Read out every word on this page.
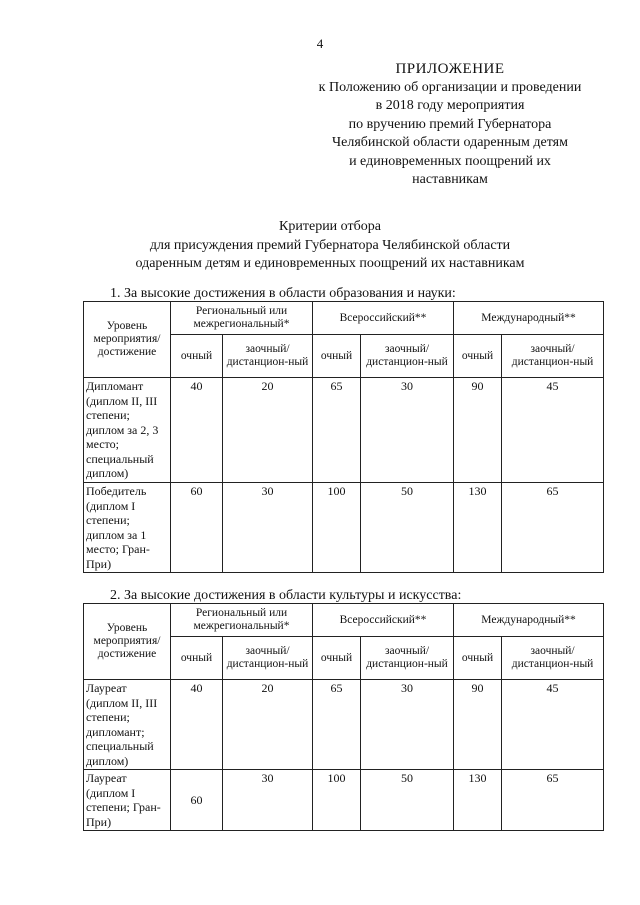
4
ПРИЛОЖЕНИЕ
к Положению об организации и проведении
в 2018 году мероприятия
по вручению премий Губернатора
Челябинской области одаренным детям
и единовременных поощрений их
наставникам
Критерии отбора
для присуждения премий Губернатора Челябинской области
одаренным детям и единовременных поощрений их наставникам
1. За высокие достижения в области образования и науки:
Уровень мероприятия/ достижение	Региональный или межрегиональный*		Всероссийский**		Международный**	
	очный	заочный/ дистанцион-ный	очный	заочный/ дистанцион-ный	очный	заочный/ дистанцион-ный
Дипломант (диплом II, III степени; диплом за 2, 3 место; специальный диплом)	40	20	65	30	90	45
Победитель (диплом I степени; диплом за 1 место; Гран-При)	60	30	100	50	130	65
2. За высокие достижения в области культуры и искусства:
Уровень мероприятия/ достижение	Региональный или межрегиональный*		Всероссийский**		Международный**	
	очный	заочный/ дистанцион-ный	очный	заочный/ дистанцион-ный	очный	заочный/ дистанцион-ный
Лауреат (диплом II, III степени; дипломант; специальный диплом)	40	20	65	30	90	45
Лауреат (диплом I степени; Гран-При)	60	30	100	50	130	65
